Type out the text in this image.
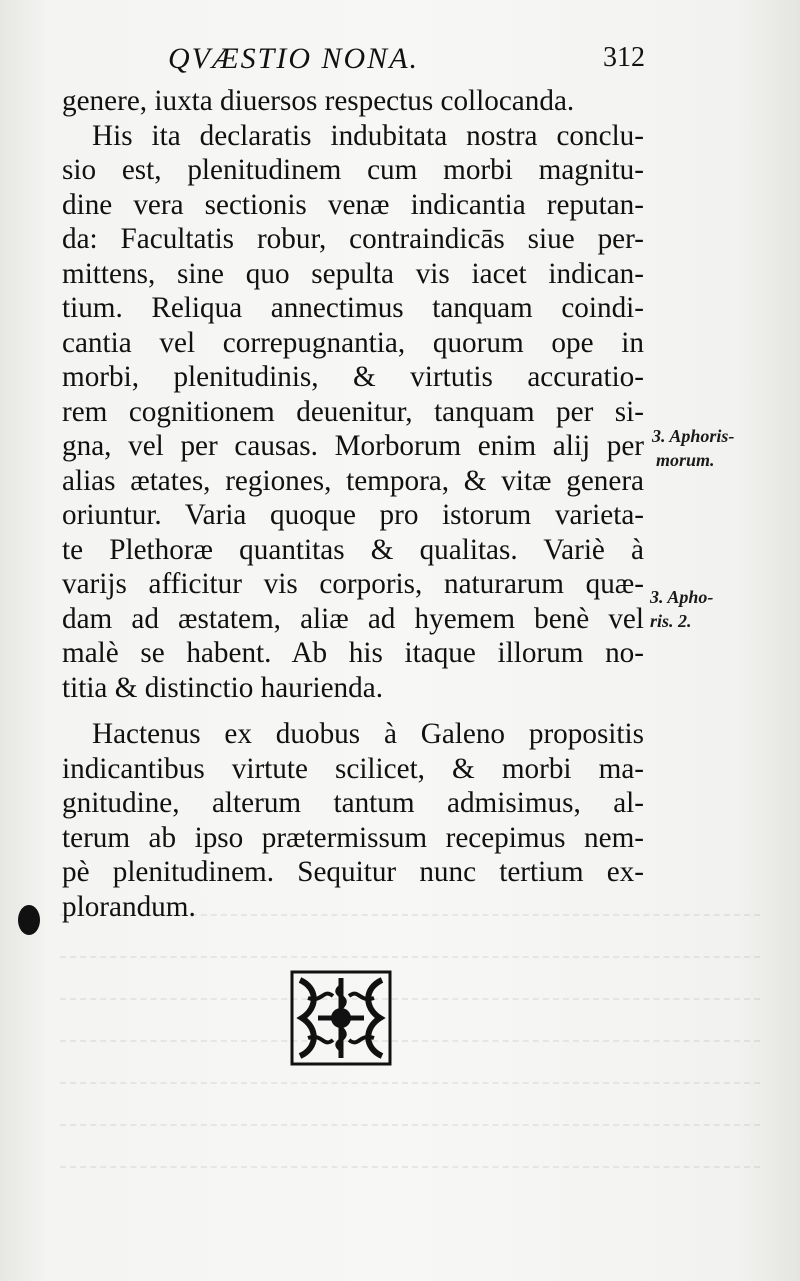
QVÆSTIO NONA.	312
genere, iuxta diuersos respectus collocanda.
His ita declaratis indubitata nostra conclu-
sio est, plenitudinem cum morbi magnitu-
dine vera sectionis venæ indicantia reputan-
da: Facultatis robur, contraindicās siue per-
mittens, sine quo sepulta vis iacet indican-
tium. Reliqua annectimus tanquam coindi-
cantia vel correpugnantia, quorum ope in
morbi, plenitudinis, & virtutis accuratio-
rem cognitionem deuenitur, tanquam per si-
gna, vel per causas. Morborum enim alij per
alias ætates, regiones, tempora, & vitæ genera
oriuntur. Varia quoque pro istorum varieta-
te Plethoræ quantitas & qualitas. Variè à
varijs afficitur vis corporis, naturarum quæ-
dam ad æstatem, aliæ ad hyemem benè vel
malè se habent. Ab his itaque illorum no-
titia & distinctio haurienda.
Hactenus ex duobus à Galeno propositis
indicantibus virtute scilicet, & morbi ma-
gnitudine, alterum tantum admisimus, al-
terum ab ipso prætermissum recepimus nem-
pè plenitudinem. Sequitur nunc tertium ex-
plorandum.
3. Aphoris-
morum.
3. Apho-
ris. 2.
